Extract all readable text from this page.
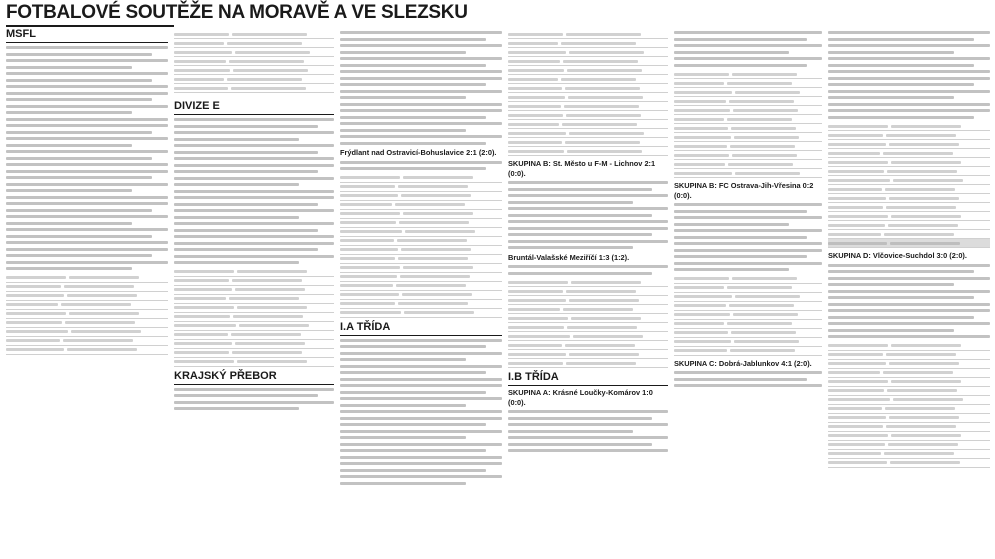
FOTBALOVÉ SOUTĚŽE NA MORAVĚ A VE SLEZSKU
MSFL
DIVIZE E
KRAJSKÝ PŘEBOR
Frýdlant nad Ostravicí-Bohuslavice 2:1 (2:0).
I.A TŘÍDA
SKUPINA B: St. Město u F-M - Lichnov 2:1 (0:0).
Bruntál-Valašské Meziříčí 1:3 (1:2).
I.B TŘÍDA
SKUPINA A: Krásné Loučky-Komárov 1:0 (0:0).
SKUPINA B: FC Ostrava-Jih-Vřesina 0:2 (0:0).
SKUPINA C: Dobrá-Jablunkov 4:1 (2:0).
SKUPINA D: Vlčovice-Suchdol 3:0 (2:0).
